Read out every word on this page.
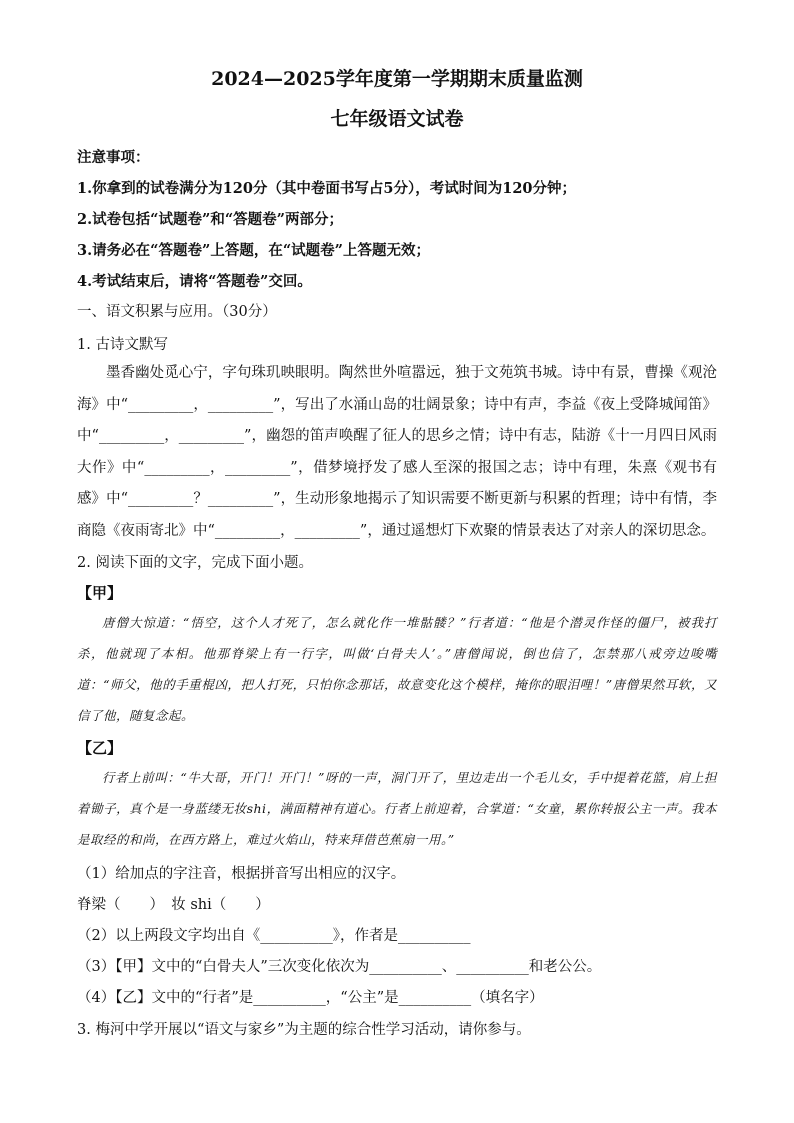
2024—2025学年度第一学期期末质量监测
七年级语文试卷
注意事项：
1.你拿到的试卷满分为120分（其中卷面书写占5分），考试时间为120分钟；
2.试卷包括“试题卷”和“答题卷”两部分；
3.请务必在“答题卷”上答题，在“试题卷”上答题无效；
4.考试结束后，请将“答题卷”交回。
一、语文积累与应用。（30分）
1. 古诗文默写
墨香幽处觅心宁，字句珠玑映眼明。陶然世外喧嚣远，独于文苑筑书城。诗中有景，曹操《观沧海》中“_________，_________”，写出了水涌山岛的壮阔景象；诗中有声，李益《夜上受降城闻笛》中“_________，_________”，幽怨的笛声唤醒了征人的思乡之情；诗中有志，陆游《十一月四日风雨大作》中“_________，_________”，借梦境抒发了感人至深的报国之志；诗中有理，朱熹《观书有感》中“_________？_________”，生动形象地揭示了知识需要不断更新与积累的哲理；诗中有情，李商隐《夜雨寄北》中“_________，_________”，通过遥想灯下欢聚的情景表达了对亲人的深切思念。
2. 阅读下面的文字，完成下面小题。
【甲】
唐僧大惊道：“悟空，这个人才死了，怎么就化作一堆骷髅？”行者道：“他是个潜灵作怪的僵尸，被我打杀，他就现了本相。他那脊梁上有一行字，叫做‘白骨夫人’。”唐僧闻说，倒也信了，怎禁那八戒旁边唆嘴道：“师父，他的手重棍凶，把人打死，只怕你念那话，故意变化这个模样，掩你的眼泪哩！”唐僧果然耳软，又信了他，随复念起。
【乙】
行者上前叫：“牛大哥，开门！开门！”呀的一声，洞门开了，里边走出一个毛儿女，手中提着花篮，肩上担着锄子，真个是一身蓝缕无妆shi，满面精神有道心。行者上前迎着，合掌道：“女童，累你转报公主一声。我本是取经的和尚，在西方路上，难过火焰山，特来拜借芭蕉扇一用。”
（1）给加点的字注音，根据拼音写出相应的汉字。
脊梁（　　）　妆 shi（　　）
（2）以上两段文字均出自《__________》，作者是__________
（3）【甲】文中的“白骨夫人”三次变化依次为__________、__________和老公公。
（4）【乙】文中的“行者”是__________，“公主”是__________（填名字）
3. 梅河中学开展以“语文与家乡”为主题的综合性学习活动，请你参与。
